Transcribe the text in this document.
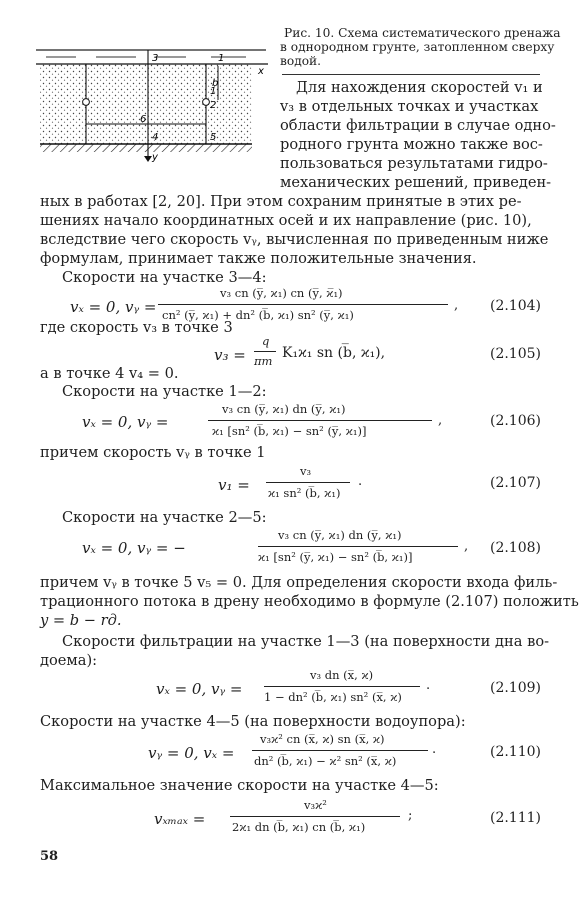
b
3	1
x
1
2
6
4	5
y
Рис. 10. Схема систематического дренажа
в однородном грунте, затопленном сверху
водой.
Для нахождения скоростей v₁ и
v₃ в отдельных точках и участках
области фильтрации в случае одно-
родного грунта можно также вос-
пользоваться результатами гидро-
механических решений, приведен-
ных в работах [2, 20]. При этом сохраним принятые в этих ре-
шениях начало координатных осей и их направление (рис. 10),
вследствие чего скорость vᵧ, вычисленная по приведенным ниже
формулам, принимает также положительные значения.
Скорости на участке 3—4:
vₓ = 0, vᵧ =
v₃ cn (y̅, ϰ₁) cn (y̅, ϰ̅₁)
cn² (y̅, ϰ₁) + dn² (b̅, ϰ₁) sn² (y̅, ϰ₁)
, (2.104)
где скорость v₃ в точке 3
v₃ =
q
πm K₁ϰ₁ sn (b̅, ϰ₁),	(2.105)
а в точке 4 v₄ = 0.
Скорости на участке 1—2:
vₓ = 0, vᵧ =
v₃ cn (y̅, ϰ₁) dn (y̅, ϰ₁)
ϰ₁ [sn² (b̅, ϰ₁) − sn² (y̅, ϰ₁)]
,	(2.106)
причем скорость vᵧ в точке 1
v₁ =
v₃
ϰ₁ sn² (b̅, ϰ₁)
.	(2.107)
Скорости на участке 2—5:
vₓ = 0, vᵧ = −
v₃ cn (y̅, ϰ₁) dn (y̅, ϰ₁)
ϰ₁ [sn² (y̅, ϰ₁) − sn² (b̅, ϰ₁)]
, (2.108)
причем vᵧ в точке 5 v₅ = 0. Для определения скорости входа филь-
трационного потока в дрену необходимо в формуле (2.107) положить
y = b − rд.
Скорости фильтрации на участке 1—3 (на поверхности дна во-
доема):
vₓ = 0, vᵧ =
v₃ dn (x̅, ϰ)
1 − dn² (b̅, ϰ₁) sn² (x̅, ϰ)
.	(2.109)
Скорости на участке 4—5 (на поверхности водоупора):
vᵧ = 0, vₓ =
v₃ϰ² cn (x̅, ϰ) sn (x̅, ϰ)
dn² (b̅, ϰ₁) − ϰ² sn² (x̅, ϰ)
.	(2.110)
Максимальное значение скорости на участке 4—5:
vₓₘₐₓ =
v₃ϰ²
2ϰ₁ dn (b̅, ϰ₁) cn (b̅, ϰ₁)
;	(2.111)
58
